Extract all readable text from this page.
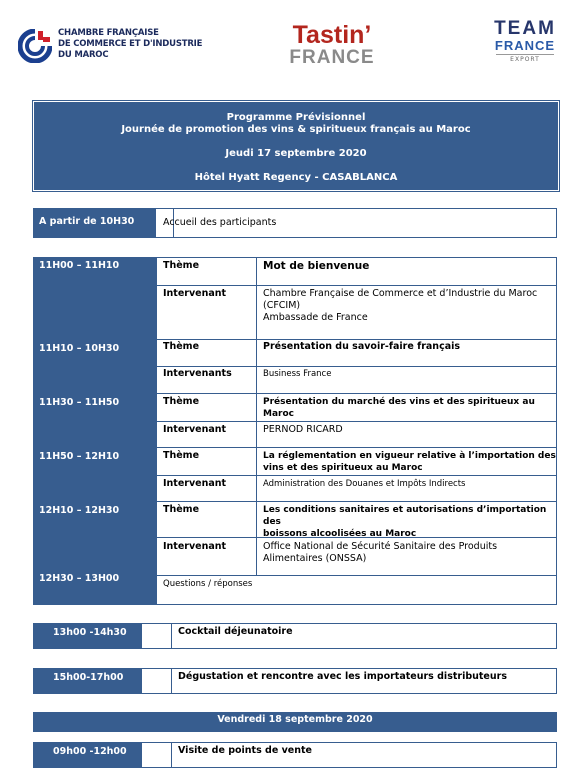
CHAMBRE FRANÇAISE
DE COMMERCE ET D'INDUSTRIE
DU MAROC
Tastin’
FRANCE
TEAM
FRANCE
EXPORT
Programme Prévisionnel
Journée de promotion des vins & spiritueux français au Maroc
Jeudi 17 septembre 2020
Hôtel Hyatt Regency - CASABLANCA
A partir de 10H30	Accueil des participants
11H00 – 11H10	Thème	Mot de bienvenue
Intervenant	Chambre Française de Commerce et d’Industrie du Maroc
(CFCIM)
Ambassade de France
11H10 – 10H30	Thème	Présentation du savoir-faire français
Intervenants	Business France
11H30 – 11H50	Thème	Présentation du marché des vins et des spiritueux au Maroc
Intervenant	PERNOD RICARD
11H50 – 12H10	Thème	La réglementation en vigueur relative à l’importation des
vins et des spiritueux au Maroc
Intervenant	Administration des Douanes et Impôts Indirects
12H10 – 12H30	Thème	Les conditions sanitaires et autorisations d’importation des
boissons alcoolisées au Maroc
Intervenant	Office National de Sécurité Sanitaire des Produits
Alimentaires (ONSSA)
12H30 – 13H00	Questions / réponses
13h00 -14h30	Cocktail déjeunatoire
15h00-17h00	Dégustation et rencontre avec les importateurs distributeurs
Vendredi 18 septembre 2020
09h00 -12h00	Visite de points de vente
